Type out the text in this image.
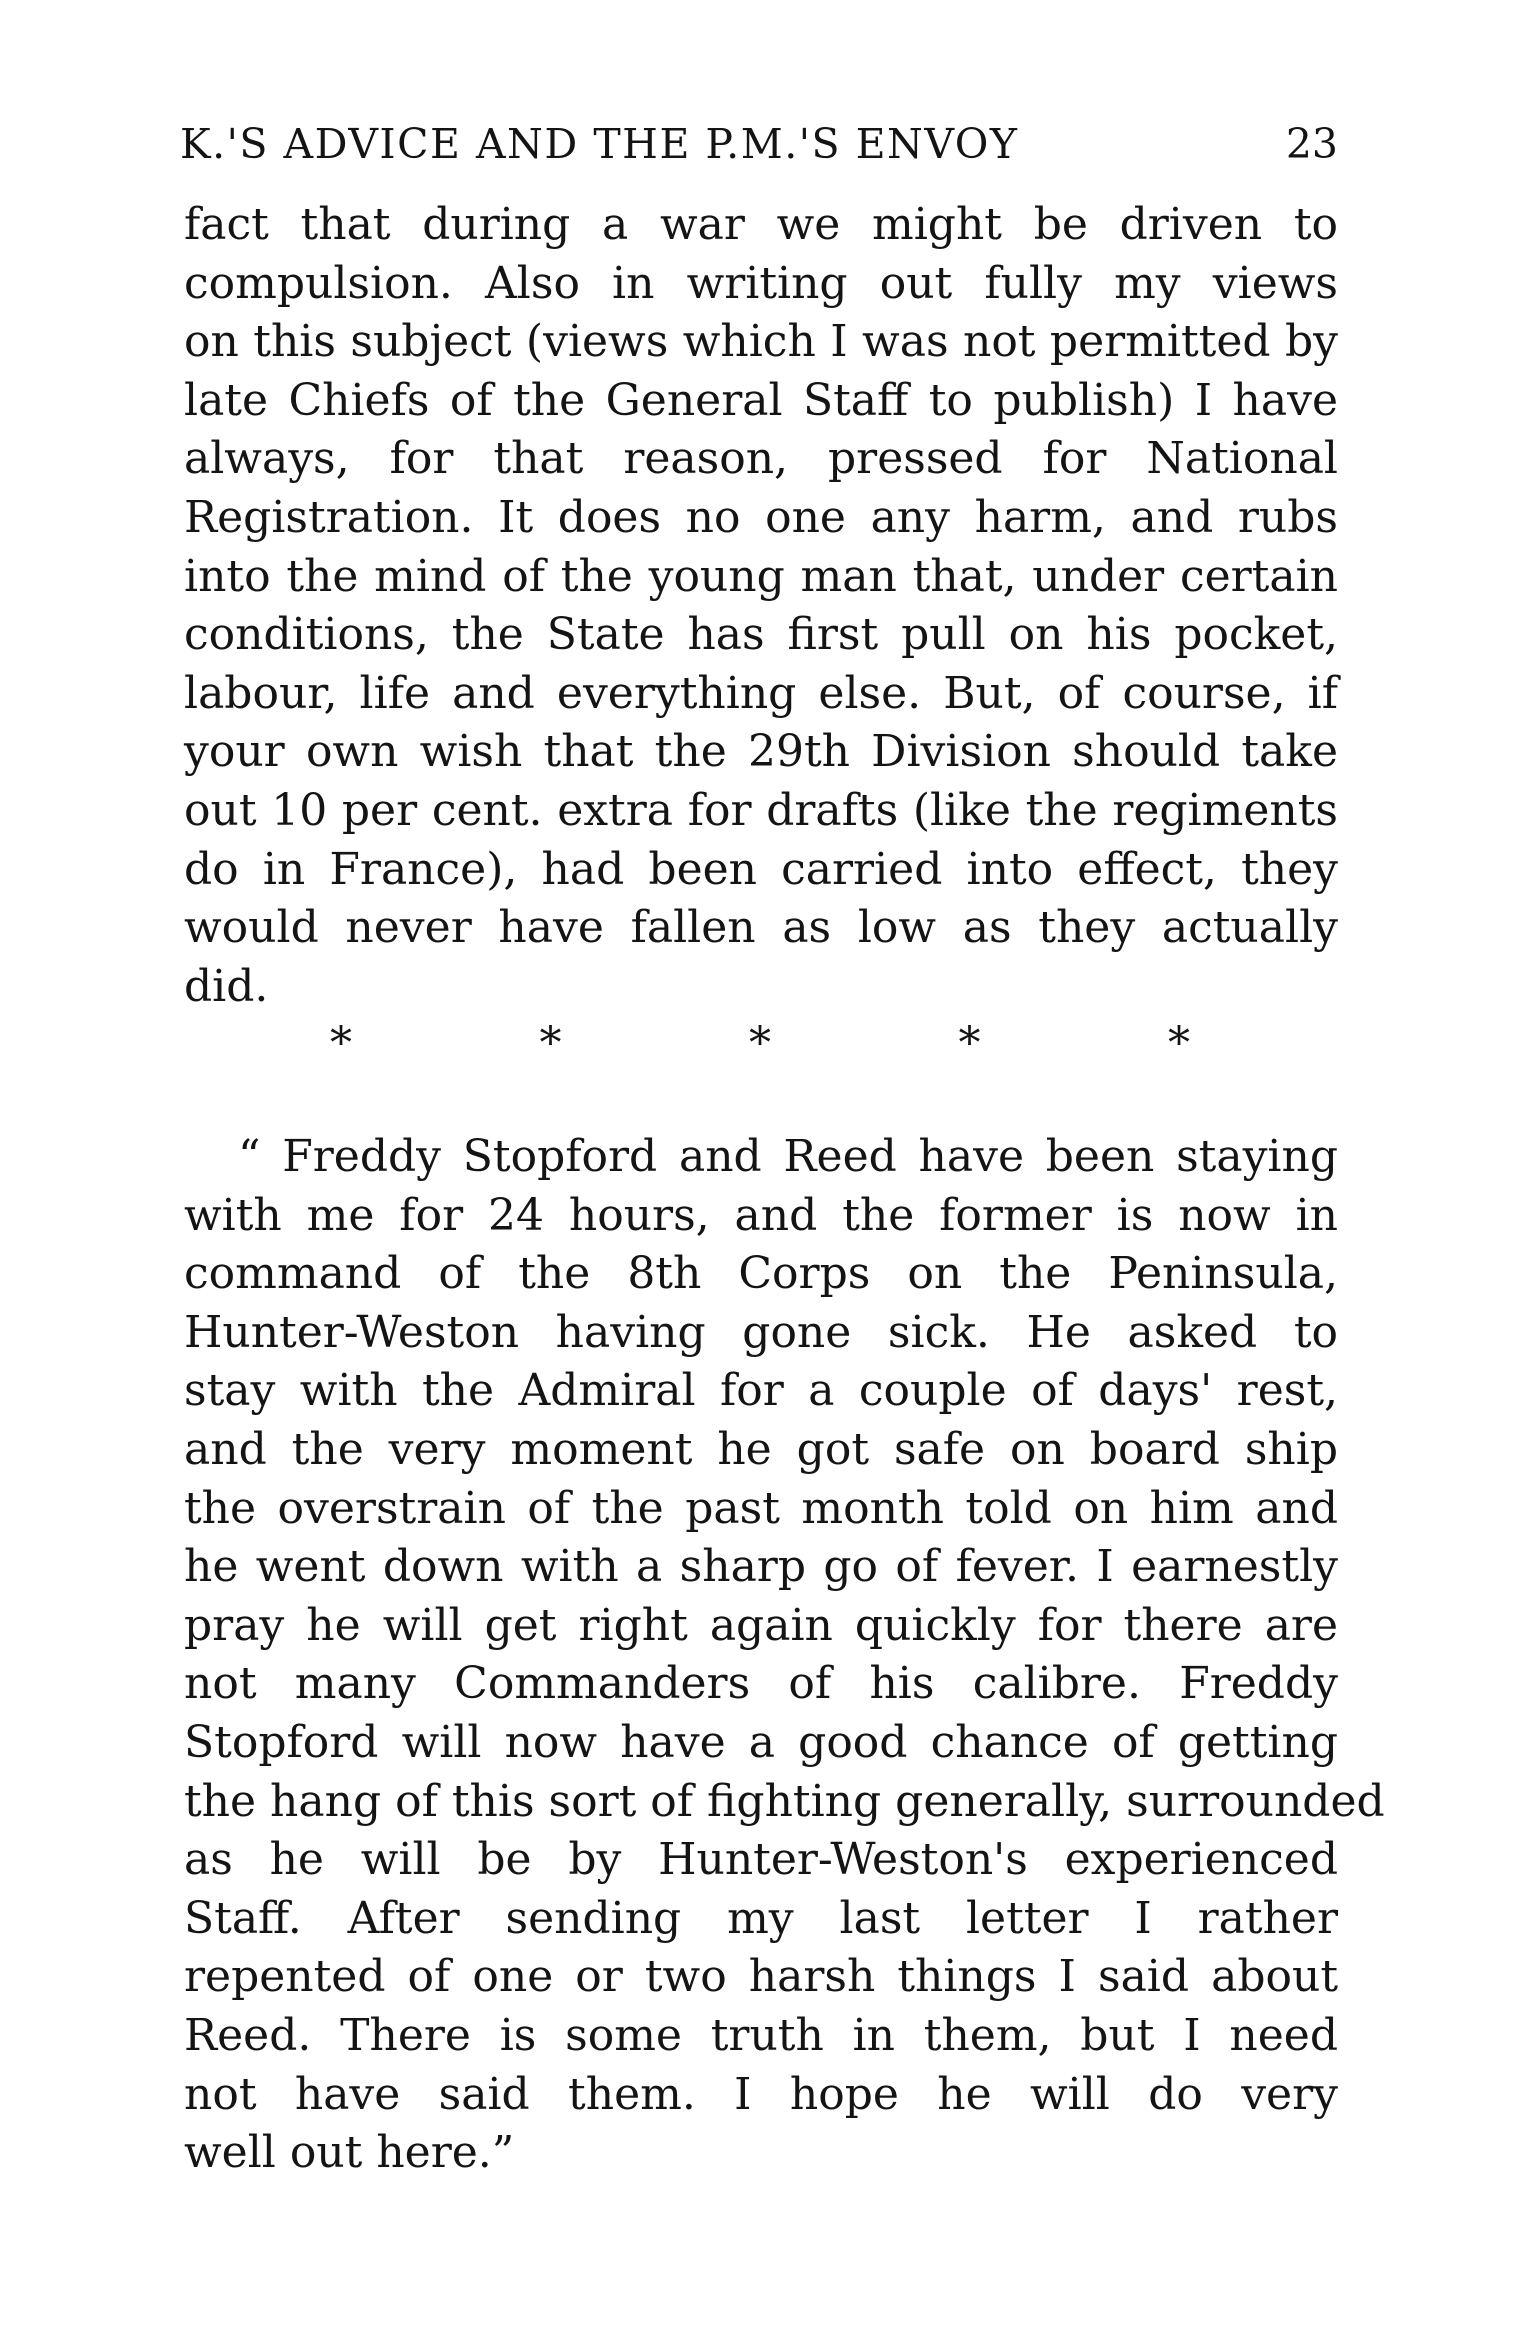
K.'S ADVICE AND THE P.M.'S ENVOY	23
fact that during a war we might be driven to
compulsion. Also in writing out fully my views
on this subject (views which I was not permitted by
late Chiefs of the General Staff to publish) I have
always, for that reason, pressed for National
Registration. It does no one any harm, and rubs
into the mind of the young man that, under certain
conditions, the State has first pull on his pocket,
labour, life and everything else. But, of course, if
your own wish that the 29th Division should take
out 10 per cent. extra for drafts (like the regiments
do in France), had been carried into effect, they
would never have fallen as low as they actually
did.
*	*	*	*	*
“ Freddy Stopford and Reed have been staying
with me for 24 hours, and the former is now in
command of the 8th Corps on the Peninsula,
Hunter-Weston having gone sick. He asked to
stay with the Admiral for a couple of days' rest,
and the very moment he got safe on board ship
the overstrain of the past month told on him and
he went down with a sharp go of fever. I earnestly
pray he will get right again quickly for there are
not many Commanders of his calibre. Freddy
Stopford will now have a good chance of getting
the hang of this sort of fighting generally, surrounded
as he will be by Hunter-Weston's experienced
Staff. After sending my last letter I rather
repented of one or two harsh things I said about
Reed. There is some truth in them, but I need
not have said them. I hope he will do very
well out here.”
